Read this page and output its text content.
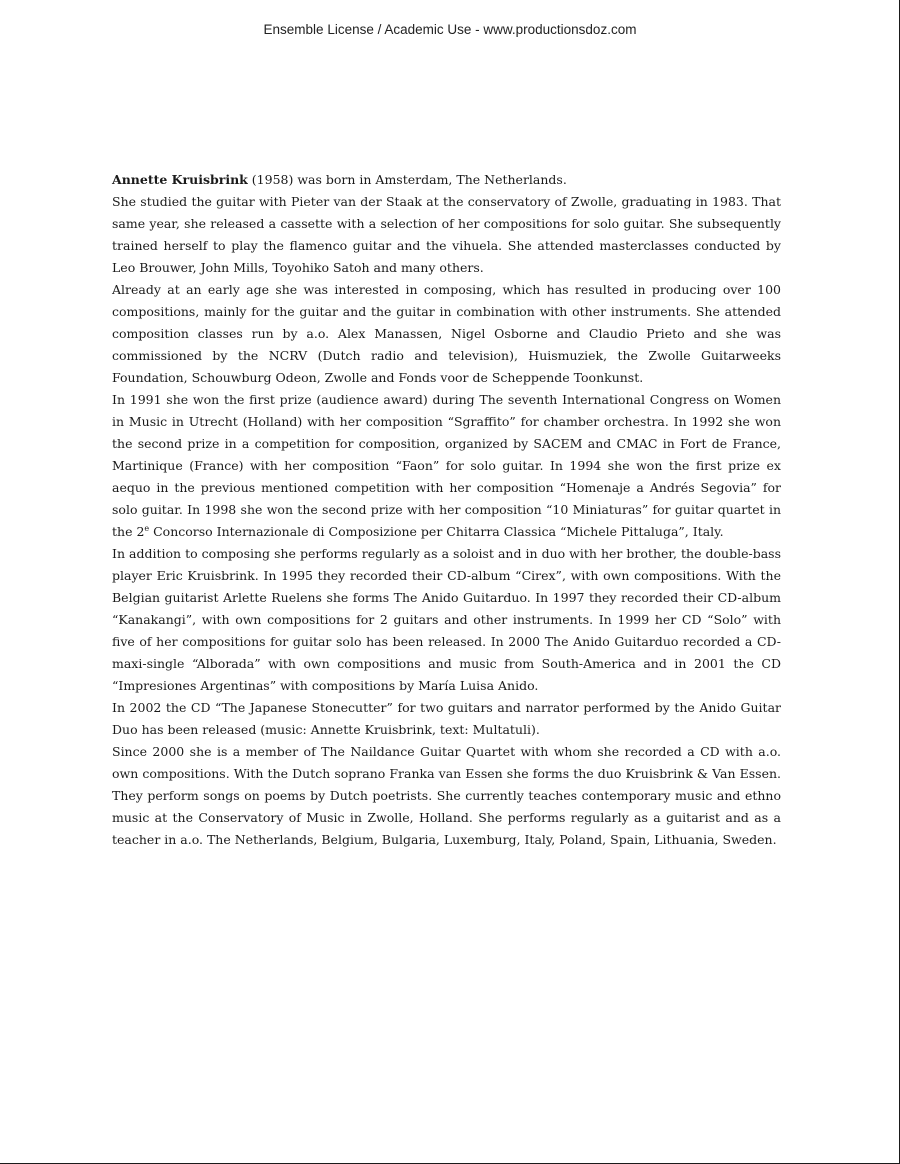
Ensemble License / Academic Use - www.productionsdoz.com

Annette Kruisbrink (1958) was born in Amsterdam, The Netherlands.

She studied the guitar with Pieter van der Staak at the conservatory of Zwolle, graduating in 1983. That same year, she released a cassette with a selection of her compositions for solo guitar. She subsequently trained herself to play the flamenco guitar and the vihuela. She attended masterclasses conducted by Leo Brouwer, John Mills, Toyohiko Satoh and many others.

Already at an early age she was interested in composing, which has resulted in producing over 100 compositions, mainly for the guitar and the guitar in combination with other instruments. She attended composition classes run by a.o. Alex Manassen, Nigel Osborne and Claudio Prieto and she was commissioned by the NCRV (Dutch radio and television), Huismuziek, the Zwolle Guitarweeks Foundation, Schouwburg Odeon, Zwolle and Fonds voor de Scheppende Toonkunst.

In 1991 she won the first prize (audience award) during The seventh International Congress on Women in Music in Utrecht (Holland) with her composition “Sgraffito” for chamber orchestra. In 1992 she won the second prize in a competition for composition, organized by SACEM and CMAC in Fort de France, Martinique (France) with her composition “Faon” for solo guitar. In 1994 she won the first prize ex aequo in the previous mentioned competition with her composition “Homenaje a Andrés Segovia” for solo guitar. In 1998 she won the second prize with her composition “10 Miniaturas” for guitar quartet in the 2e Concorso Internazionale di Composizione per Chitarra Classica “Michele Pittaluga”, Italy.

In addition to composing she performs regularly as a soloist and in duo with her brother, the double-bass player Eric Kruisbrink. In 1995 they recorded their CD-album “Cirex”, with own compositions. With the Belgian guitarist Arlette Ruelens she forms The Anido Guitarduo. In 1997 they recorded their CD-album “Kanakangi”, with own compositions for 2 guitars and other instruments. In 1999 her CD “Solo” with five of her compositions for guitar solo has been released. In 2000 The Anido Guitarduo recorded a CD-maxi-single “Alborada” with own compositions and music from South-America and in 2001 the CD “Impresiones Argentinas” with compositions by María Luisa Anido.

In 2002 the CD “The Japanese Stonecutter” for two guitars and narrator performed by the Anido Guitar Duo has been released (music: Annette Kruisbrink, text: Multatuli).

Since 2000 she is a member of The Naildance Guitar Quartet with whom she recorded a CD with a.o. own compositions. With the Dutch soprano Franka van Essen she forms the duo Kruisbrink & Van Essen. They perform songs on poems by Dutch poetrists. She currently teaches contemporary music and ethno music at the Conservatory of Music in Zwolle, Holland. She performs regularly as a guitarist and as a teacher in a.o. The Netherlands, Belgium, Bulgaria, Luxemburg, Italy, Poland, Spain, Lithuania, Sweden.
